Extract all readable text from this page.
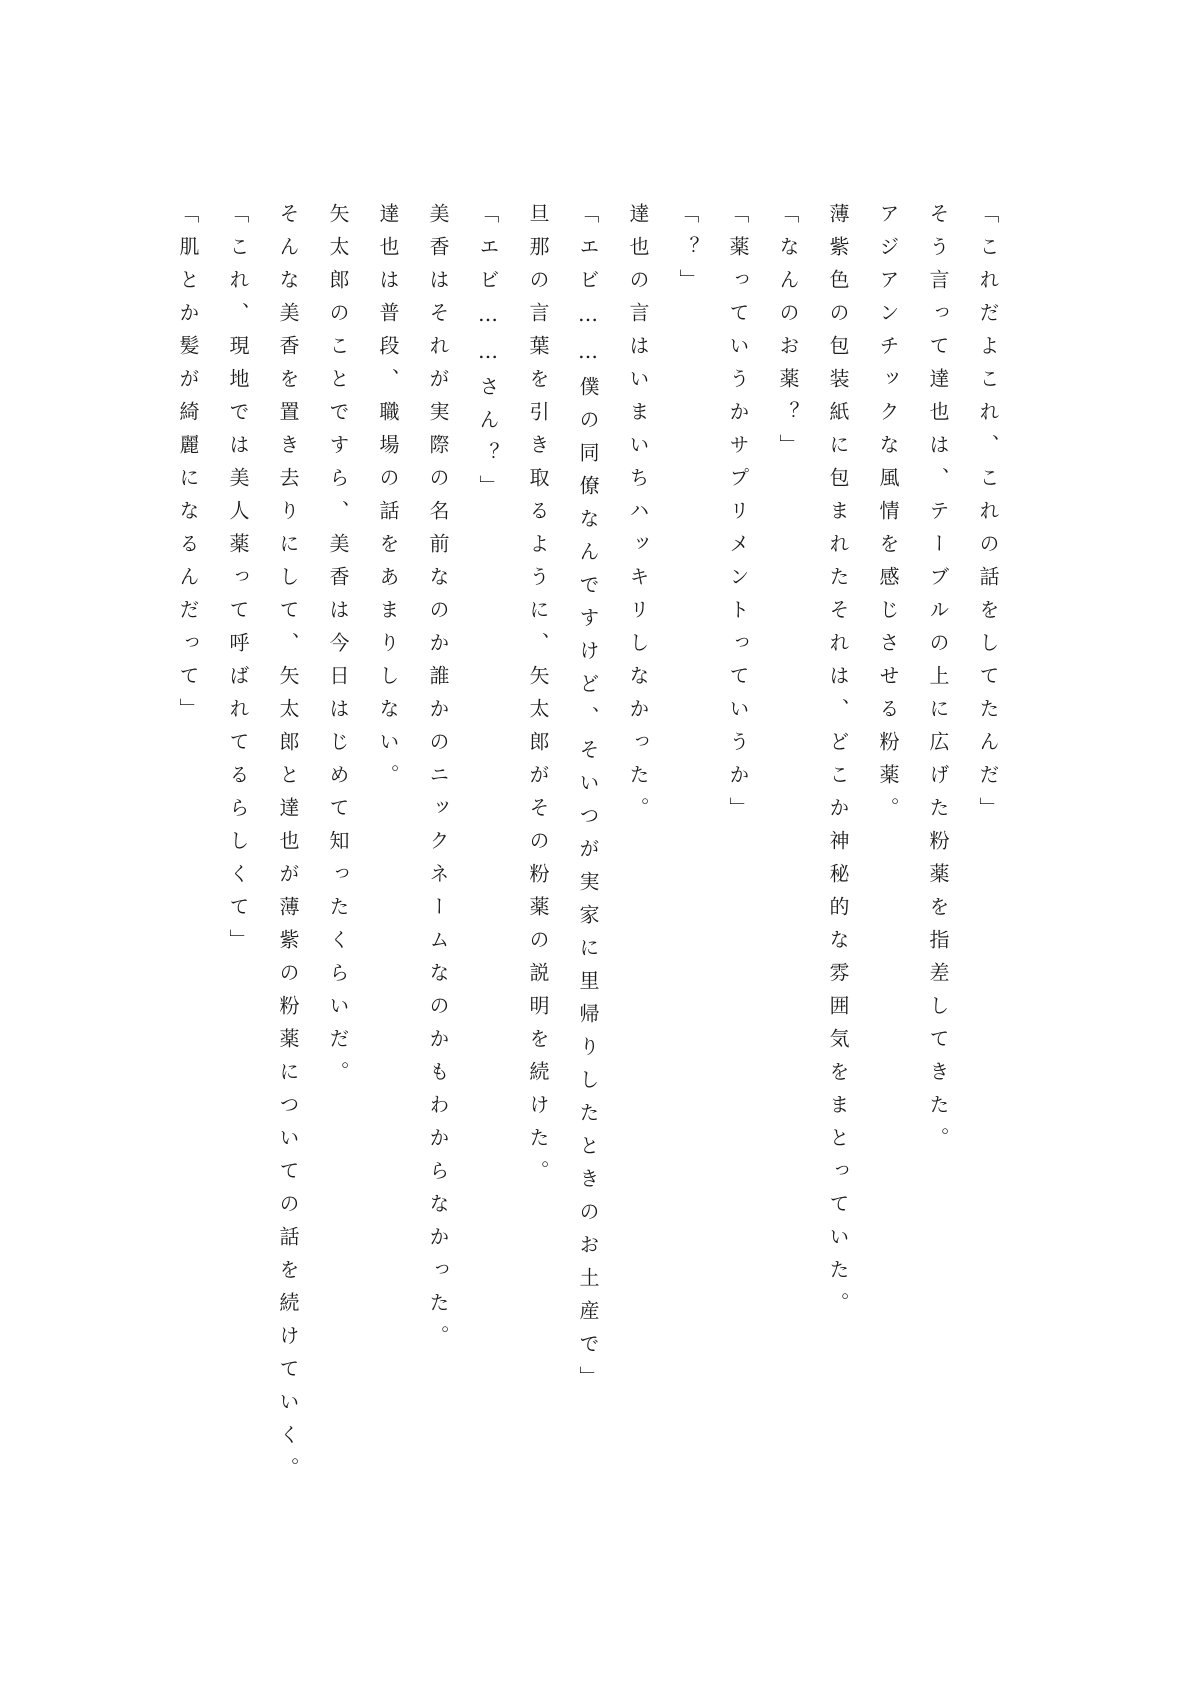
「これだよこれ、これの話をしてたんだ」

そう言って達也は、テーブルの上に広げた粉薬を指差してきた。

アジアンチックな風情を感じさせる粉薬。

薄紫色の包装紙に包まれたそれは、どこか神秘的な雰囲気をまとっていた。

「なんのお薬？」

「薬っていうかサプリメントっていうか」

「？」

達也の言はいまいちハッキリしなかった。

「エビ……僕の同僚なんですけど、そいつが実家に里帰りしたときのお土産で」

旦那の言葉を引き取るように、矢太郎がその粉薬の説明を続けた。

「エビ……さん？」

美香はそれが実際の名前なのか誰かのニックネームなのかもわからなかった。

達也は普段、職場の話をあまりしない。

矢太郎のことですら、美香は今日はじめて知ったくらいだ。

そんな美香を置き去りにして、矢太郎と達也が薄紫の粉薬についての話を続けていく。

「これ、現地では美人薬って呼ばれてるらしくて」

「肌とか髪が綺麗になるんだって」
